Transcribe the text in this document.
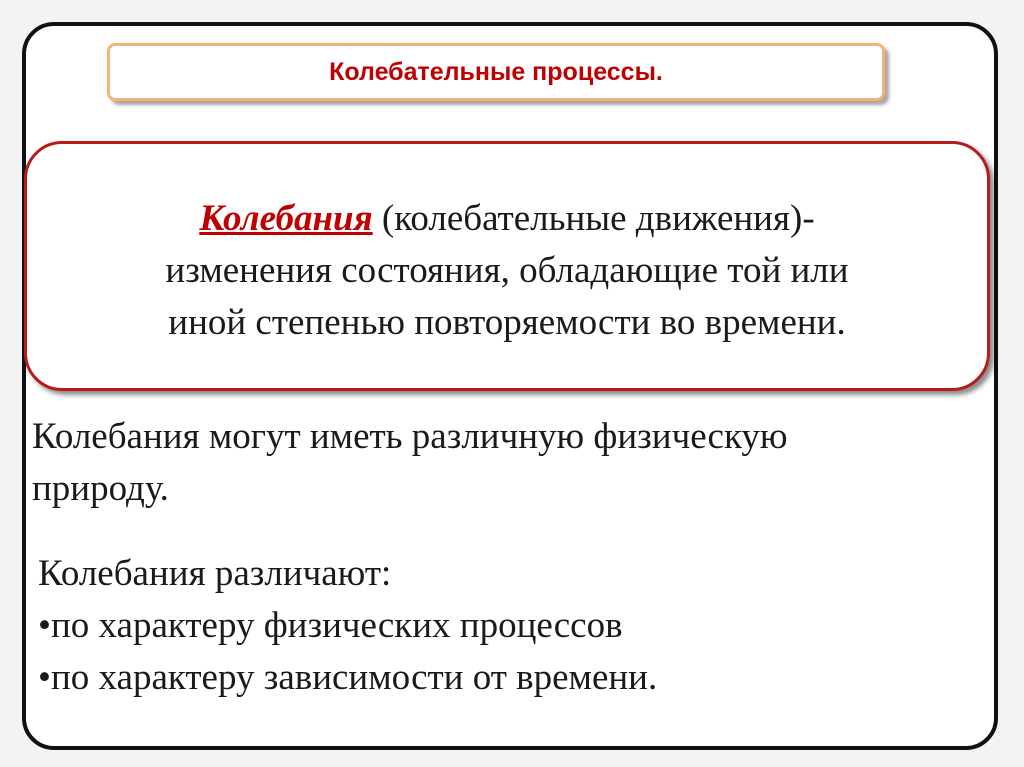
Колебательные процессы.
Колебания (колебательные движения)-
изменения состояния, обладающие той или
иной степенью повторяемости во времени.
Колебания могут иметь различную физическую
природу.
Колебания различают:
•по характеру физических процессов
•по характеру зависимости от времени.
